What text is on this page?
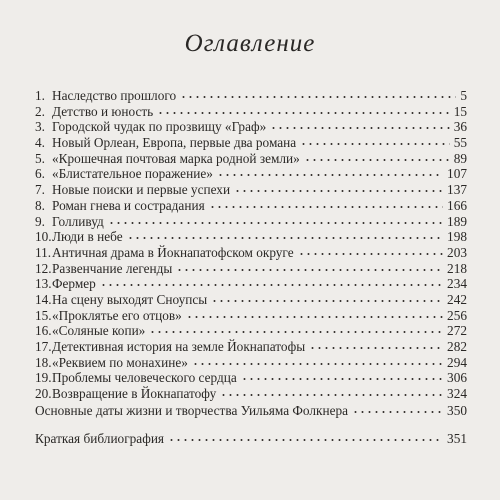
Оглавление
1. Наследство прошлого	5
2. Детство и юность	15
3. Городской чудак по прозвищу «Граф»	36
4. Новый Орлеан, Европа, первые два романа	55
5. «Крошечная почтовая марка родной земли»	89
6. «Блистательное поражение»	107
7. Новые поиски и первые успехи	137
8. Роман гнева и сострадания	166
9. Голливуд	189
10. Люди в небе	198
11. Античная драма в Йокнапатофском округе	203
12. Развенчание легенды	218
13. Фермер	234
14. На сцену выходят Сноупсы	242
15. «Проклятье его отцов»	256
16. «Соляные копи»	272
17. Детективная история на земле Йокнапатофы	282
18. «Реквием по монахине»	294
19. Проблемы человеческого сердца	306
20. Возвращение в Йокнапатофу	324
Основные даты жизни и творчества Уильяма Фолкнера	350
Краткая библиография	351
